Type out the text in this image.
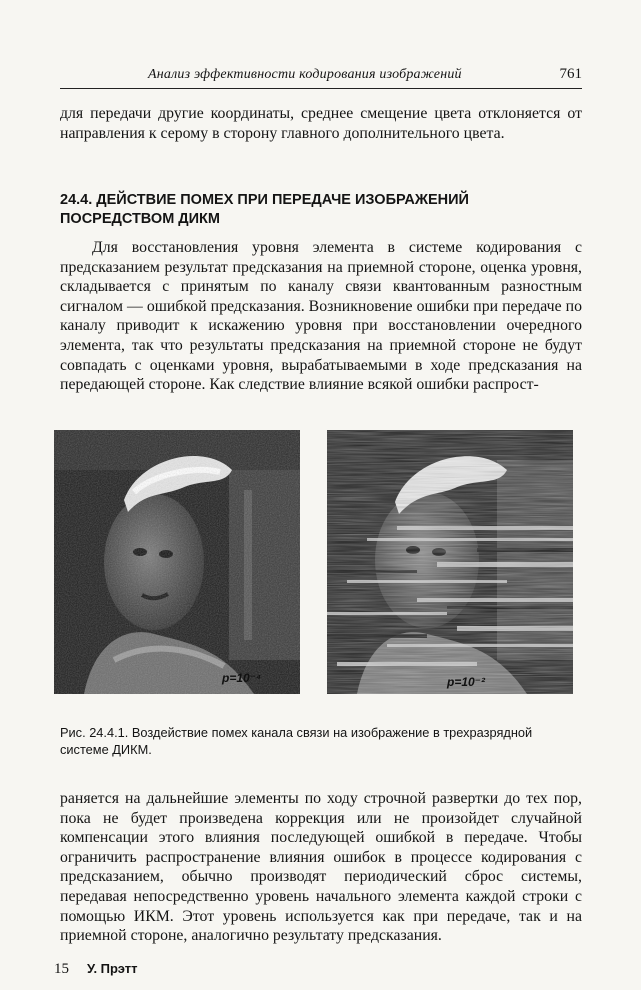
Анализ эффективности кодирования изображений	761

для передачи другие координаты, среднее смещение цвета отклоняется от направления к серому в сторону главного дополнительного цвета.

24.4. ДЕЙСТВИЕ ПОМЕХ ПРИ ПЕРЕДАЧЕ ИЗОБРАЖЕНИЙ
ПОСРЕДСТВОМ ДИКМ

Для восстановления уровня элемента в системе кодирования с предсказанием результат предсказания на приемной стороне, оценка уровня, складывается с принятым по каналу связи квантованным разностным сигналом — ошибкой предсказания. Возникновение ошибки при передаче по каналу приводит к искажению уровня при восстановлении очередного элемента, так что результаты предсказания на приемной стороне не будут совпадать с оценками уровня, вырабатываемыми в ходе предсказания на передающей стороне. Как следствие влияние всякой ошибки распрост-

p=10⁻⁴	p=10⁻²

Рис. 24.4.1. Воздействие помех канала связи на изображение в трехразрядной системе ДИКМ.

раняется на дальнейшие элементы по ходу строчной развертки до тех пор, пока не будет произведена коррекция или не произойдет случайной компенсации этого влияния последующей ошибкой в передаче. Чтобы ограничить распространение влияния ошибок в процессе кодирования с предсказанием, обычно производят периодический сброс системы, передавая непосредственно уровень начального элемента каждой строки с помощью ИКМ. Этот уровень используется как при передаче, так и на приемной стороне, аналогично результату предсказания.

15 У. Прэтт
